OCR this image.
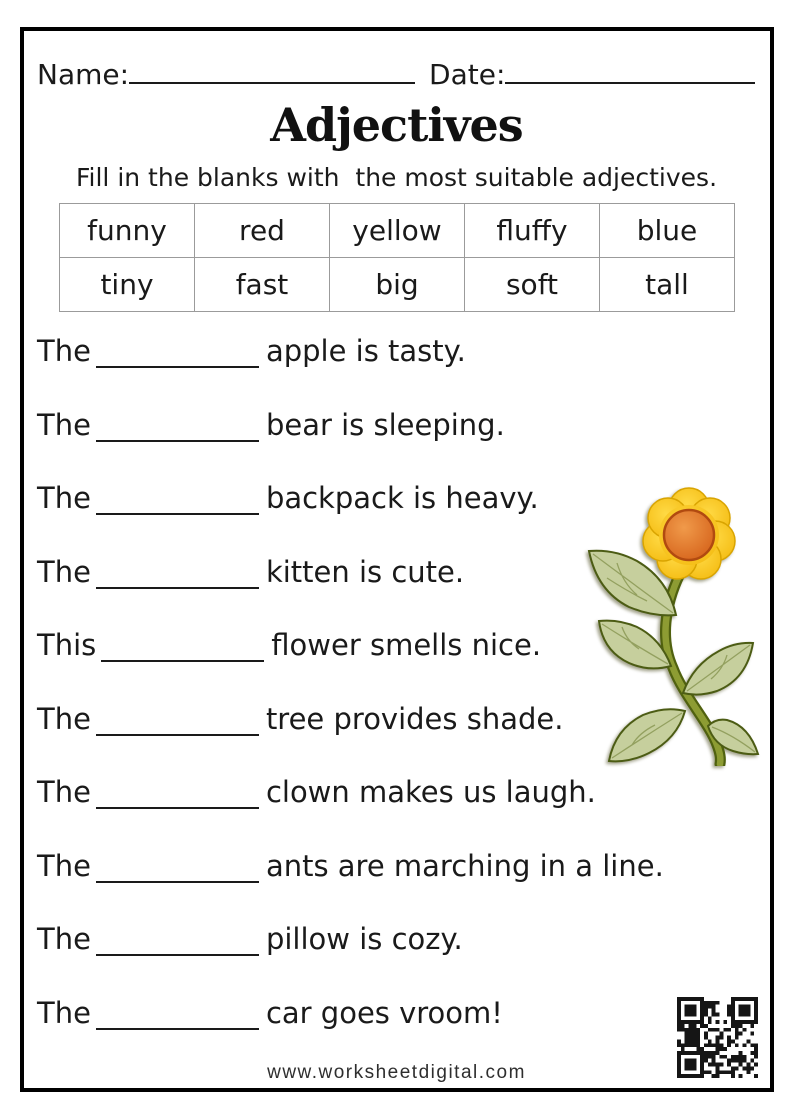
Name:	Date:
Adjectives
Fill in the blanks with  the most suitable adjectives.
funny	red	yellow	fluffy	blue
tiny	fast	big	soft	tall
The	apple is tasty.
The	bear is sleeping.
The	backpack is heavy.
The	kitten is cute.
This	flower smells nice.
The	tree provides shade.
The	clown makes us laugh.
The	ants are marching in a line.
The	pillow is cozy.
The	car goes vroom!
www.worksheetdigital.com
